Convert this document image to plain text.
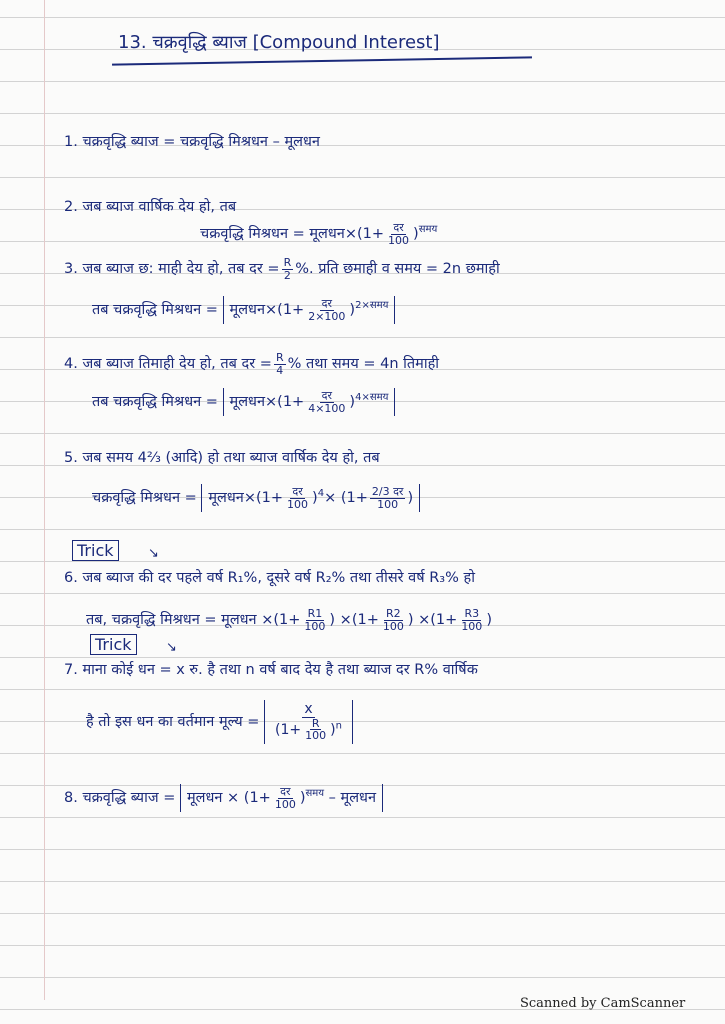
13. चक्रवृद्धि ब्याज [Compound Interest]
1. चक्रवृद्धि ब्याज = चक्रवृद्धि मिश्रधन – मूलधन
2. जब ब्याज वार्षिक देय हो, तब
चक्रवृद्धि मिश्रधन = मूलधन×(1+ $\frac{\text{दर}}{100} )^{समय}$
3. जब ब्याज छ: माही देय हो, तब दर = $\frac{R}{2}$ %. प्रति छमाही व समय = 2n छमाही
तब चक्रवृद्धि मिश्रधन = मूलधन×(1+ $\frac{\text{दर}}{2\times 100} )^{2\times समय}$
4. जब ब्याज तिमाही देय हो, तब दर = $\frac{R}{4}$ % तथा समय = 4n तिमाही
तब चक्रवृद्धि मिश्रधन = मूलधन×(1+ $\frac{\text{दर}}{4\times 100} )^{4\times समय}$
5. जब समय 4⅔ (आदि) हो तथा ब्याज वार्षिक देय हो, तब
चक्रवृद्धि मिश्रधन = मूलधन×(1+ $\frac{\text{दर}}{100} )^4\times (1+ \frac{\text{2/3 दर}}{100}$ )
Trick	↘
6. जब ब्याज की दर पहले वर्ष R₁%, दूसरे वर्ष R₂% तथा तीसरे वर्ष R₃% हो
तब, चक्रवृद्धि मिश्रधन = मूलधन $\times(1+ \frac{R1}{100}$ ) $\times(1+ \frac{R2}{100}$ ) $\times(1+ \frac{R3}{100}$ )
Trick	↘
7. माना कोई धन = x रु. है तथा n वर्ष बाद देय है तथा ब्याज दर R% वार्षिक
है तो इस धन का वर्तमान मूल्य = $\frac{x}{(1+ \frac{R}{100} )^n}$
8. चक्रवृद्धि ब्याज = मूलधन × $(1+ \frac{\text{दर}}{100} )^{समय}$ – मूलधन
Scanned by CamScanner
